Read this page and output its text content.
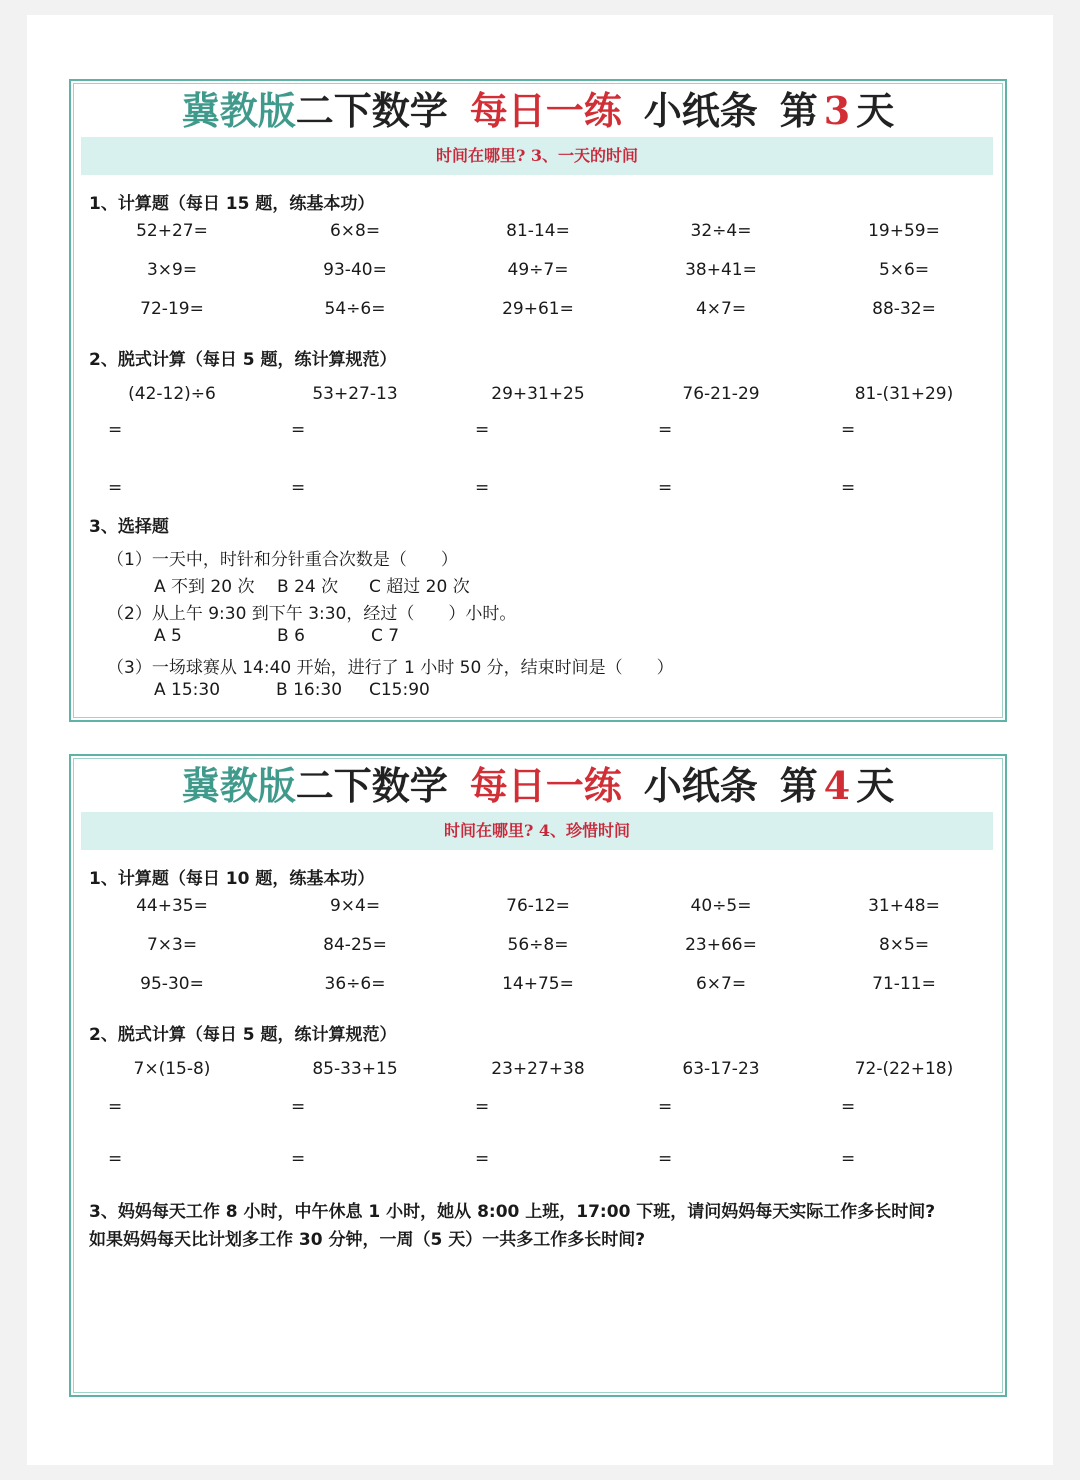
冀教版二下数学 每日一练 小纸条 第 3 天
时间在哪里? 3、一天的时间
1、计算题（每日 15 题，练基本功）
52+27=	6×8=	81-14=	32÷4=	19+59=
3×9=	93-40=	49÷7=	38+41=	5×6=
72-19=	54÷6=	29+61=	4×7=	88-32=
2、脱式计算（每日 5 题，练计算规范）
(42-12)÷6	53+27-13	29+31+25	76-21-29	81-(31+29)
=	=	=	=	=
=	=	=	=	=
3、选择题
（1）一天中，时针和分针重合次数是（　　）
A 不到 20 次 B 24 次 C 超过 20 次
（2）从上午 9:30 到下午 3:30，经过（　　）小时。
A 5	B 6	C 7
（3）一场球赛从 14:40 开始，进行了 1 小时 50 分，结束时间是（　　）
A 15:30	B 16:30 C15:90
冀教版二下数学 每日一练 小纸条 第 4 天
时间在哪里? 4、珍惜时间
1、计算题（每日 10 题，练基本功）
44+35=	9×4=	76-12=	40÷5=	31+48=
7×3=	84-25=	56÷8=	23+66=	8×5=
95-30=	36÷6=	14+75=	6×7=	71-11=
2、脱式计算（每日 5 题，练计算规范）
7×(15-8)	85-33+15	23+27+38	63-17-23	72-(22+18)
=	=	=	=	=
=	=	=	=	=
3、妈妈每天工作 8 小时，中午休息 1 小时，她从 8:00 上班，17:00 下班，请问妈妈每天实际工作多长时间?
如果妈妈每天比计划多工作 30 分钟，一周（5 天）一共多工作多长时间?
